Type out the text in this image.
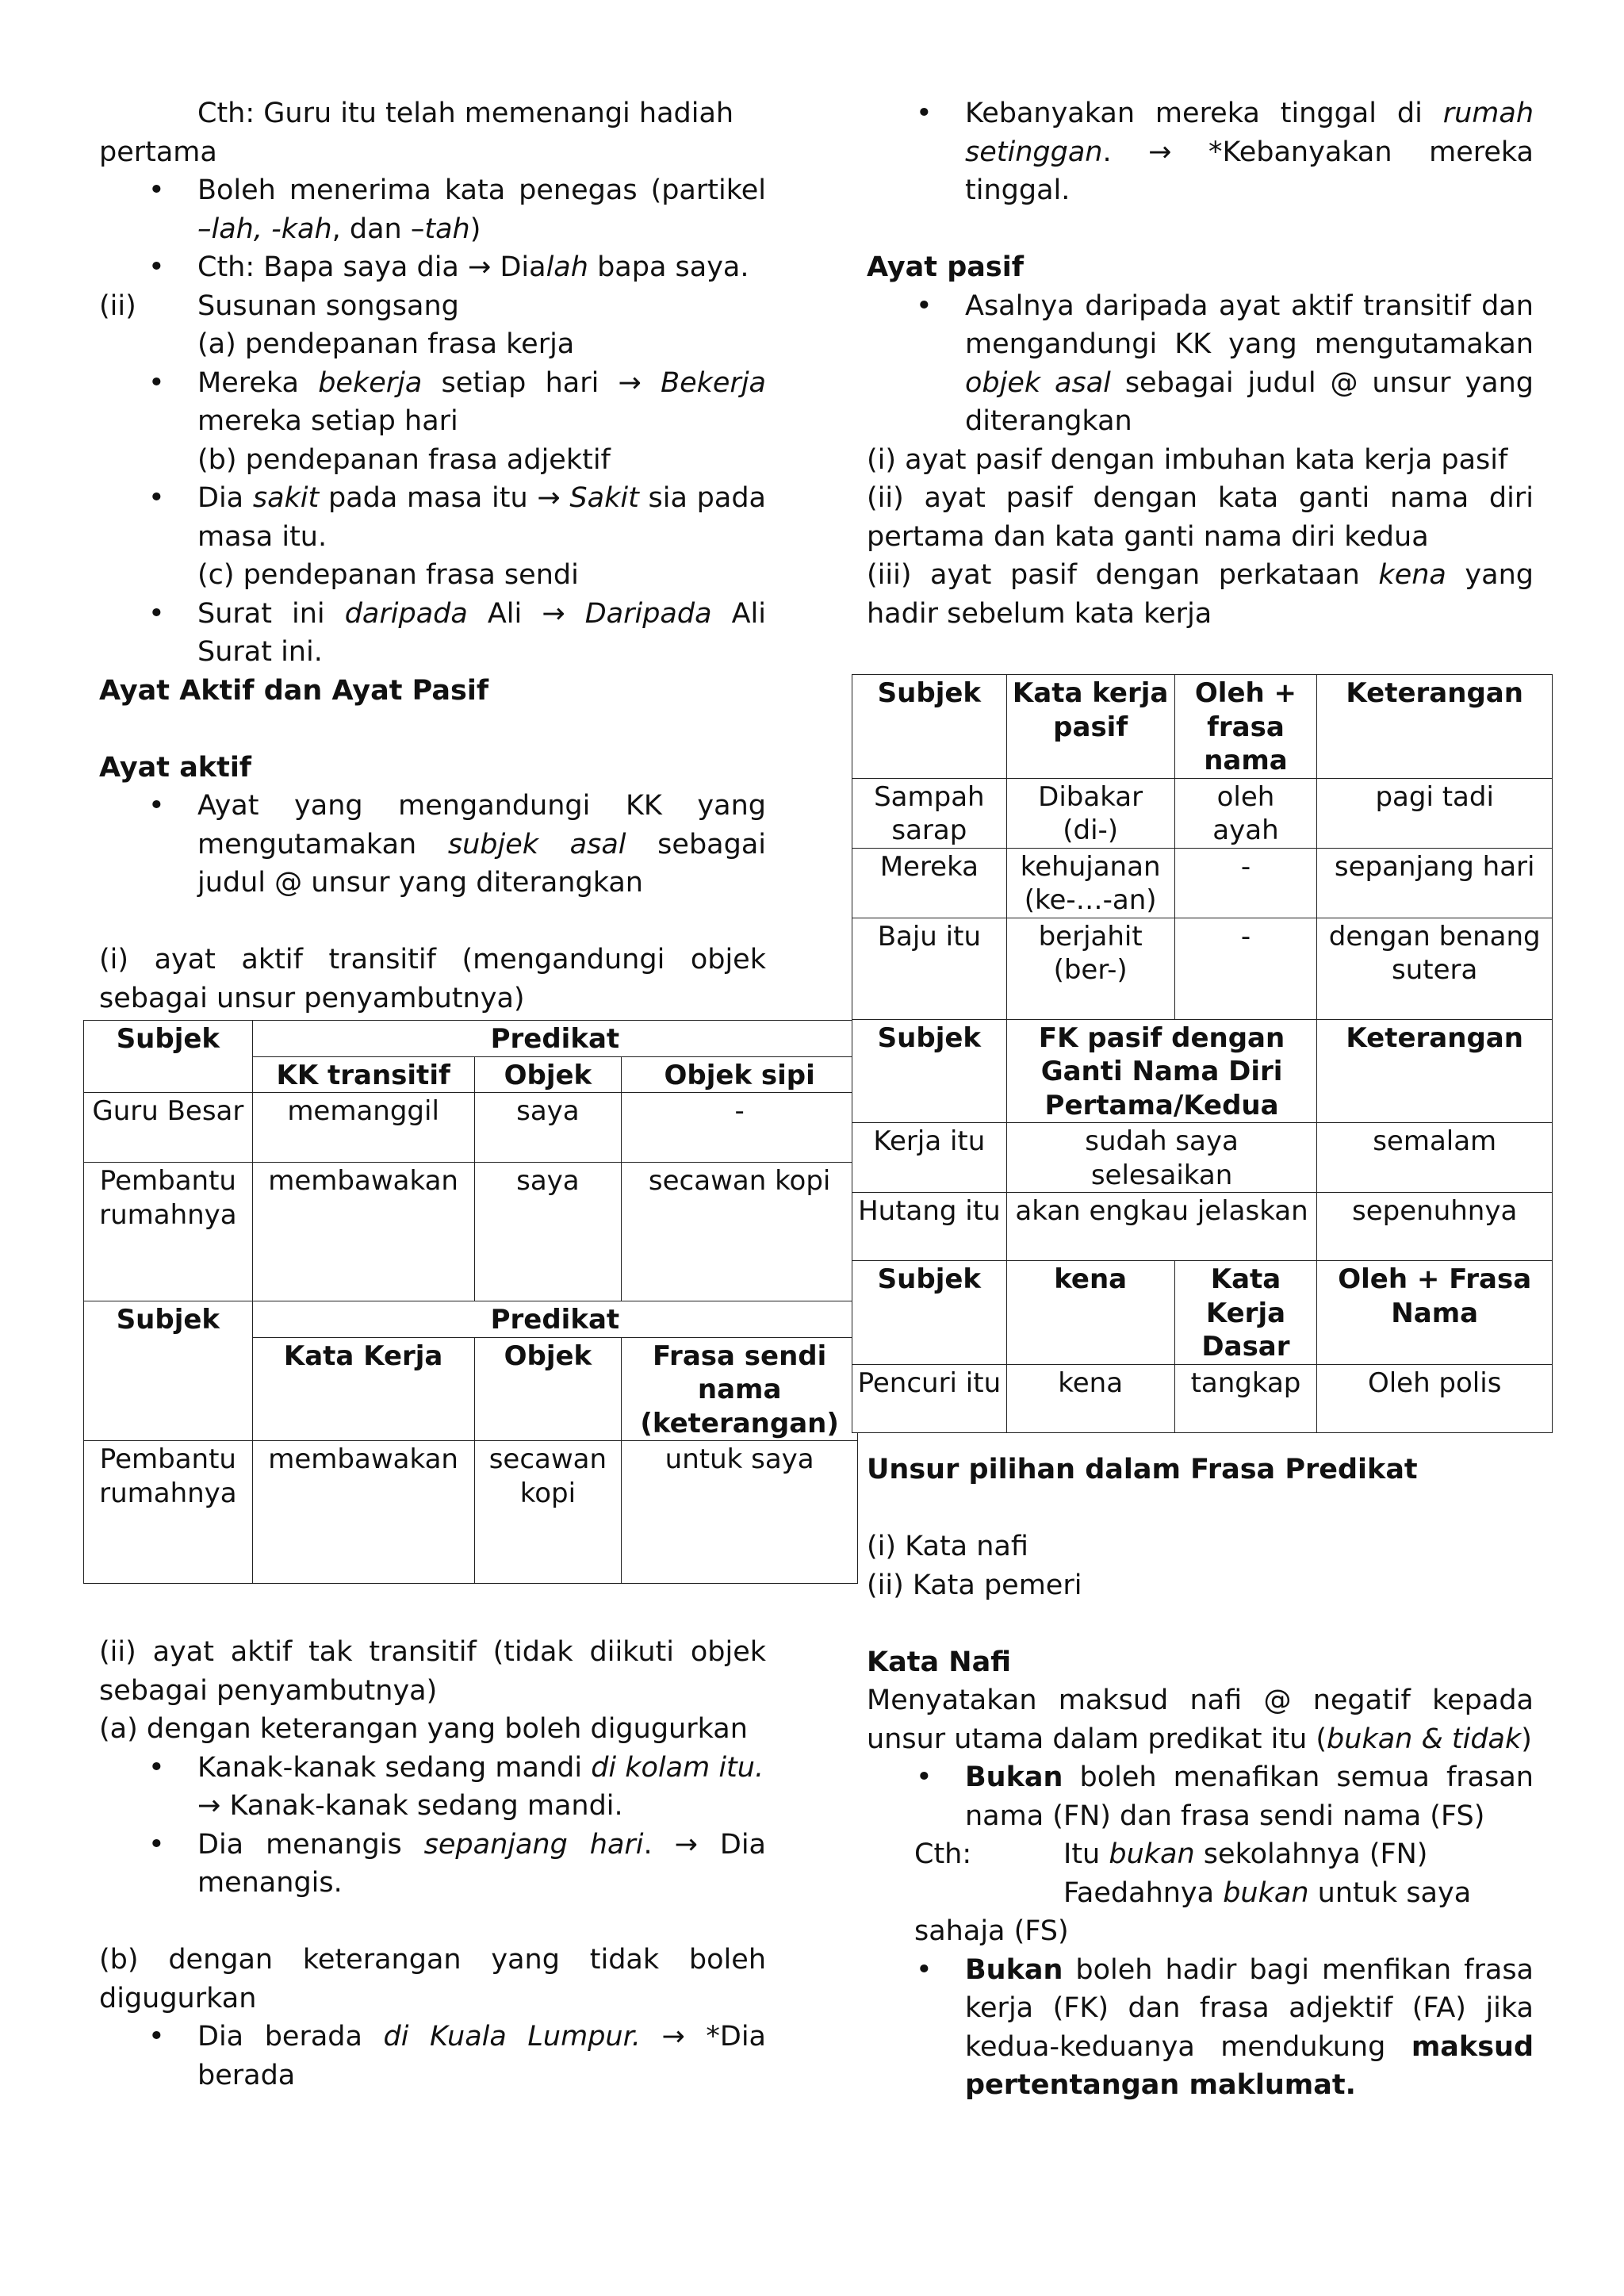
Cth: Guru itu telah memenangi hadiah

pertama

• Boleh menerima kata penegas (partikel –lah, -kah, dan –tah)
• Cth: Bapa saya dia → Dialah bapa saya.
(ii)	Susunan songsang

(a) pendepanan frasa kerja

• Mereka bekerja setiap hari → Bekerja mereka setiap hari

(b) pendepanan frasa adjektif

• Dia sakit pada masa itu → Sakit sia pada masa itu.

(c) pendepanan frasa sendi

• Surat ini daripada Ali → Daripada Ali Surat ini.

Ayat Aktif dan Ayat Pasif

Ayat aktif

• Ayat yang mengandungi KK yang mengutamakan subjek asal sebagai judul @ unsur yang diterangkan

(i) ayat aktif transitif (mengandungi objek sebagai unsur penyambutnya)

(ii) ayat aktif tak transitif (tidak diikuti objek sebagai penyambutnya)

(a) dengan keterangan yang boleh digugurkan

• Kanak-kanak sedang mandi di kolam itu.
→ Kanak-kanak sedang mandi.
• Dia menangis sepanjang hari. → Dia menangis.

(b) dengan keterangan yang tidak boleh digugurkan

• Dia berada di Kuala Lumpur. → *Dia berada
Subjek	Predikat		
	KK transitif	Objek	Objek sipi
Guru Besar	memanggil	saya	-
Pembantu rumahnya	membawakan	saya	secawan kopi
Subjek	Predikat		
	Kata Kerja	Objek	Frasa sendi nama (keterangan)
Pembantu rumahnya	membawakan	secawan kopi	untuk saya
• Kebanyakan mereka tinggal di rumah setinggan. → *Kebanyakan mereka tinggal.

Ayat pasif

• Asalnya daripada ayat aktif transitif dan mengandungi KK yang mengutamakan objek asal sebagai judul @ unsur yang diterangkan

(i) ayat pasif dengan imbuhan kata kerja pasif

(ii) ayat pasif dengan kata ganti nama diri pertama dan kata ganti nama diri kedua

(iii) ayat pasif dengan perkataan kena yang hadir sebelum kata kerja

Unsur pilihan dalam Frasa Predikat

(i) Kata nafi

(ii) Kata pemeri

Kata Nafi

Menyatakan maksud nafi @ negatif kepada unsur utama dalam predikat itu (bukan & tidak)

• Bukan boleh menafikan semua frasan nama (FN) dan frasa sendi nama (FS)
Cth:	Itu bukan sekolahnya (FN)

Faedahnya bukan untuk saya

sahaja (FS)

• Bukan boleh hadir bagi menfikan frasa kerja (FK) dan frasa adjektif (FA) jika kedua-keduanya mendukung maksud pertentangan maklumat.
Subjek	Kata kerja pasif	Oleh + frasa nama	Keterangan
Sampah sarap	Dibakar (di-)	oleh ayah	pagi tadi
Mereka	kehujanan (ke-…-an)	-	sepanjang hari
Baju itu	berjahit (ber-)	-	dengan benang sutera
Subjek	FK pasif dengan Ganti Nama Diri Pertama/Kedua		Keterangan
Kerja itu	sudah saya selesaikan		semalam
Hutang itu	akan engkau jelaskan		sepenuhnya
Subjek	kena	Kata Kerja Dasar	Oleh + Frasa Nama
Pencuri itu	kena	tangkap	Oleh polis
